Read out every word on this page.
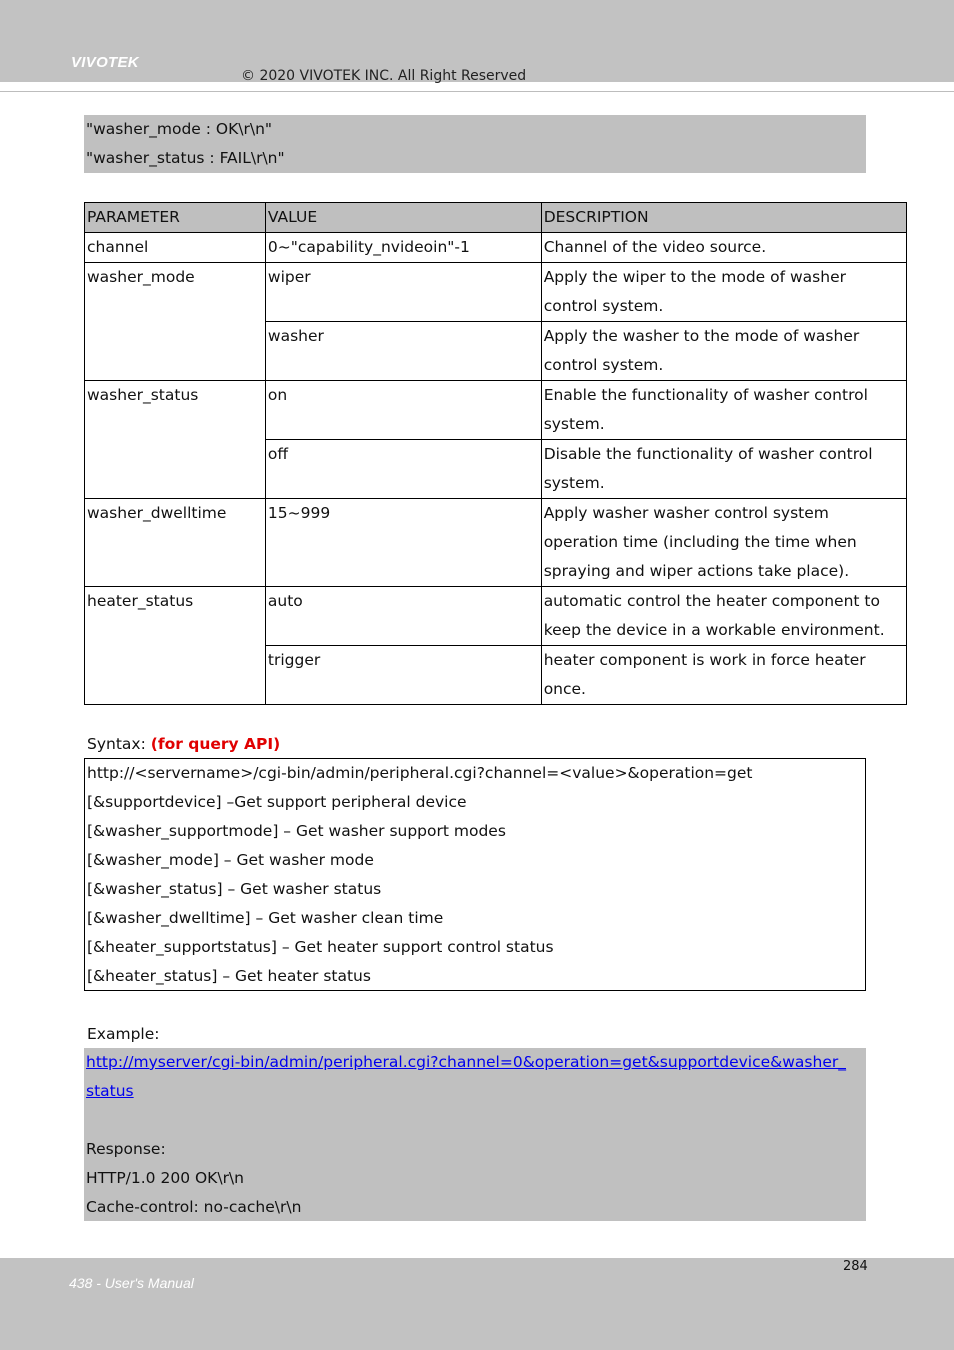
VIVOTEK
© 2020 VIVOTEK INC. All Right Reserved
"washer_mode : OK\r\n"
"washer_status : FAIL\r\n"
PARAMETER	VALUE	DESCRIPTION
channel	0~"capability_nvideoin"-1	Channel of the video source.
washer_mode	wiper	Apply the wiper to the mode of washer
control system.

	washer	Apply the washer to the mode of washer
control system.

washer_status	on	Enable the functionality of washer control
system.

	off	Disable the functionality of washer control
system.

washer_dwelltime	15~999	Apply washer washer control system
operation time (including the time when
spraying and wiper actions take place).

heater_status	auto	automatic control the heater component to
keep the device in a workable environment.

	trigger	heater component is work in force heater
once.
Syntax: (for query API)
http://<servername>/cgi-bin/admin/peripheral.cgi?channel=<value>&operation=get
[&supportdevice] –Get support peripheral device
[&washer_supportmode] – Get washer support modes
[&washer_mode] – Get washer mode
[&washer_status] – Get washer status
[&washer_dwelltime] – Get washer clean time
[&heater_supportstatus] – Get heater support control status
[&heater_status] – Get heater status
Example:
http://myserver/cgi-bin/admin/peripheral.cgi?channel=0&operation=get&supportdevice&washer_
status
Response:
HTTP/1.0 200 OK\r\n
Cache-control: no-cache\r\n
284
438 - User's Manual
